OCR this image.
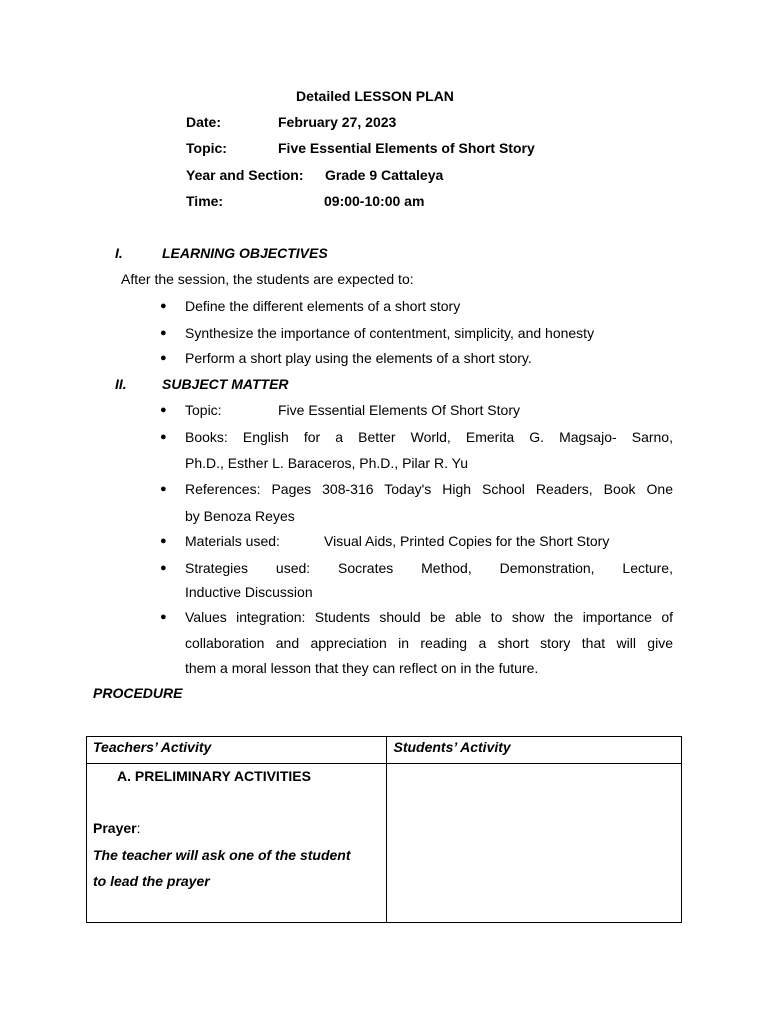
Detailed LESSON PLAN
Date:	February 27, 2023
Topic:	Five Essential Elements of Short Story
Year and Section: Grade 9 Cattaleya
Time:	09:00-10:00 am
I.	LEARNING OBJECTIVES
After the session, the students are expected to:
● Define the different elements of a short story
● Synthesize the importance of contentment, simplicity, and honesty
● Perform a short play using the elements of a short story.
II.	SUBJECT MATTER
● Topic:	Five Essential Elements Of Short Story
● Books: English for a Better World, Emerita G. Magsajo- Sarno,
Ph.D., Esther L. Baraceros, Ph.D., Pilar R. Yu
● References: Pages 308-316 Today's High School Readers, Book One
by Benoza Reyes
● Materials used:	Visual Aids, Printed Copies for the Short Story
● Strategies used: Socrates Method, Demonstration, Lecture,
Inductive Discussion
● Values integration: Students should be able to show the importance of
collaboration and appreciation in reading a short story that will give
them a moral lesson that they can reflect on in the future.
PROCEDURE
Teachers’ Activity	Students’ Activity

A. PRELIMINARY ACTIVITIES
Prayer:
The teacher will ask one of the student
to lead the prayer	
